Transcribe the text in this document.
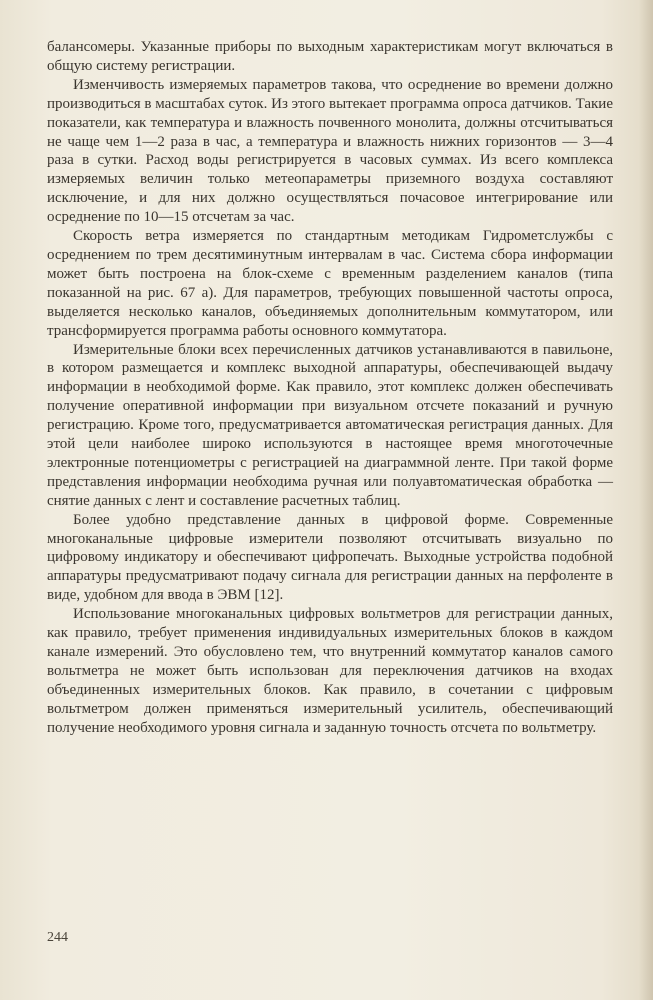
балансомеры. Указанные приборы по выходным характеристикам могут включаться в общую систему регистрации.

Изменчивость измеряемых параметров такова, что осреднение во времени должно производиться в масштабах суток. Из этого вытекает программа опроса датчиков. Такие показатели, как температура и влажность почвенного монолита, должны отсчитываться не чаще чем 1—2 раза в час, а температура и влажность нижних горизонтов — 3—4 раза в сутки. Расход воды регистрируется в часовых суммах. Из всего комплекса измеряемых величин только метеопараметры приземного воздуха составляют исключение, и для них должно осуществляться почасовое интегрирование или осреднение по 10—15 отсчетам за час.

Скорость ветра измеряется по стандартным методикам Гидрометслужбы с осреднением по трем десятиминутным интервалам в час. Система сбора информации может быть построена на блок-схеме с временным разделением каналов (типа показанной на рис. 67 а). Для параметров, требующих повышенной частоты опроса, выделяется несколько каналов, объединяемых дополнительным коммутатором, или трансформируется программа работы основного коммутатора.

Измерительные блоки всех перечисленных датчиков устанавливаются в павильоне, в котором размещается и комплекс выходной аппаратуры, обеспечивающей выдачу информации в необходимой форме. Как правило, этот комплекс должен обеспечивать получение оперативной информации при визуальном отсчете показаний и ручную регистрацию. Кроме того, предусматривается автоматическая регистрация данных. Для этой цели наиболее широко используются в настоящее время многоточечные электронные потенциометры с регистрацией на диаграммной ленте. При такой форме представления информации необходима ручная или полуавтоматическая обработка — снятие данных с лент и составление расчетных таблиц.

Более удобно представление данных в цифровой форме. Современные многоканальные цифровые измерители позволяют отсчитывать визуально по цифровому индикатору и обеспечивают цифропечать. Выходные устройства подобной аппаратуры предусматривают подачу сигнала для регистрации данных на перфоленте в виде, удобном для ввода в ЭВМ [12].

Использование многоканальных цифровых вольтметров для регистрации данных, как правило, требует применения индивидуальных измерительных блоков в каждом канале измерений. Это обусловлено тем, что внутренний коммутатор каналов самого вольтметра не может быть использован для переключения датчиков на входах объединенных измерительных блоков. Как правило, в сочетании с цифровым вольтметром должен применяться измерительный усилитель, обеспечивающий получение необходимого уровня сигнала и заданную точность отсчета по вольтметру.

244
